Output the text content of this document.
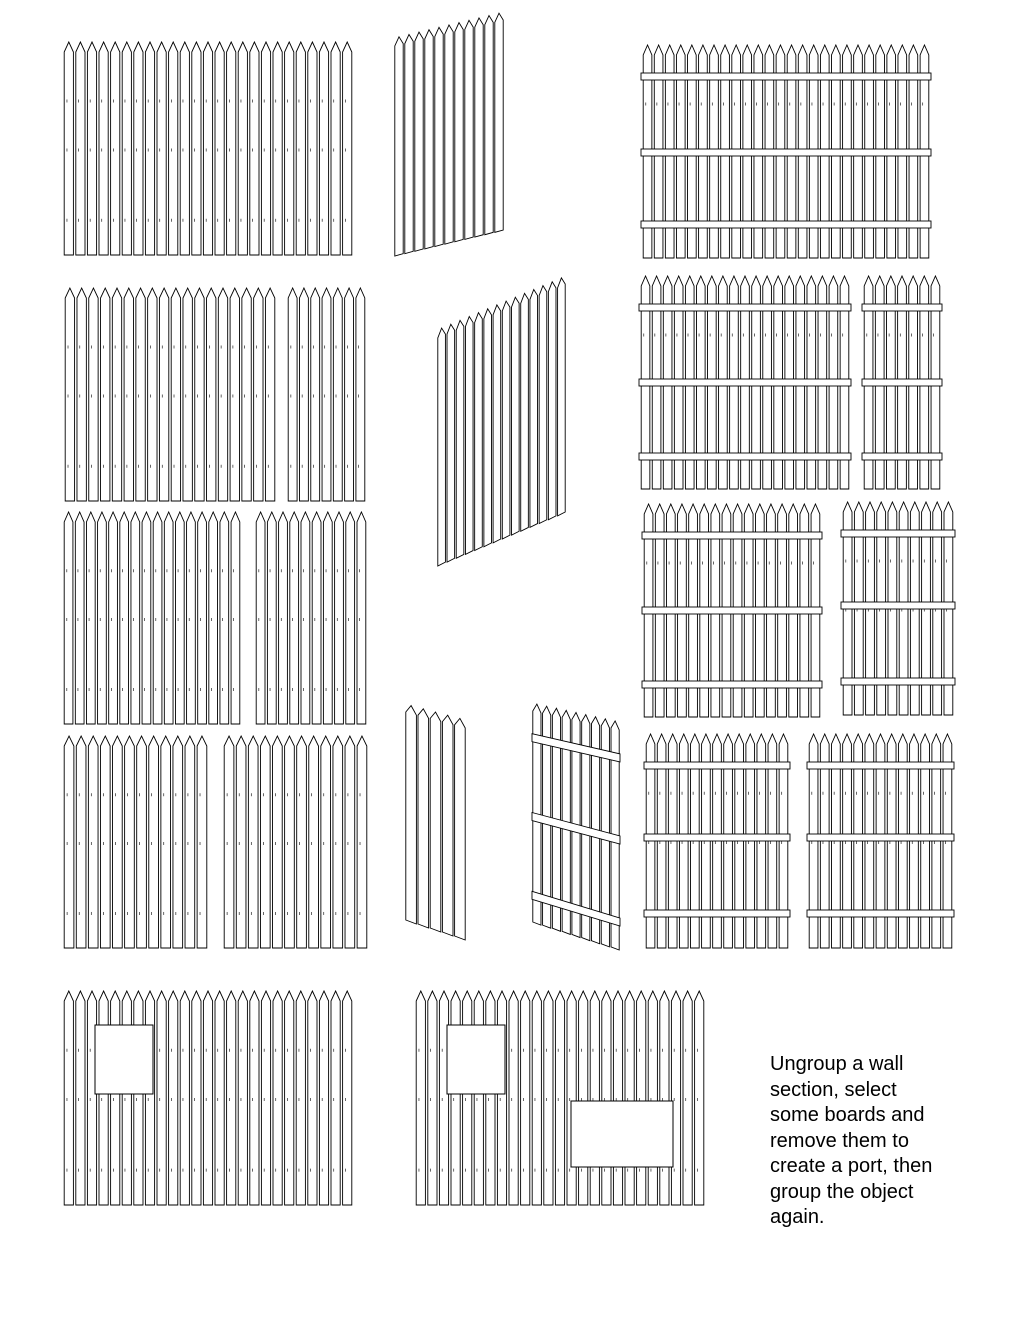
Ungroup a wall
section, select
some boards and
remove them to
create a port, then
group the object
again.
